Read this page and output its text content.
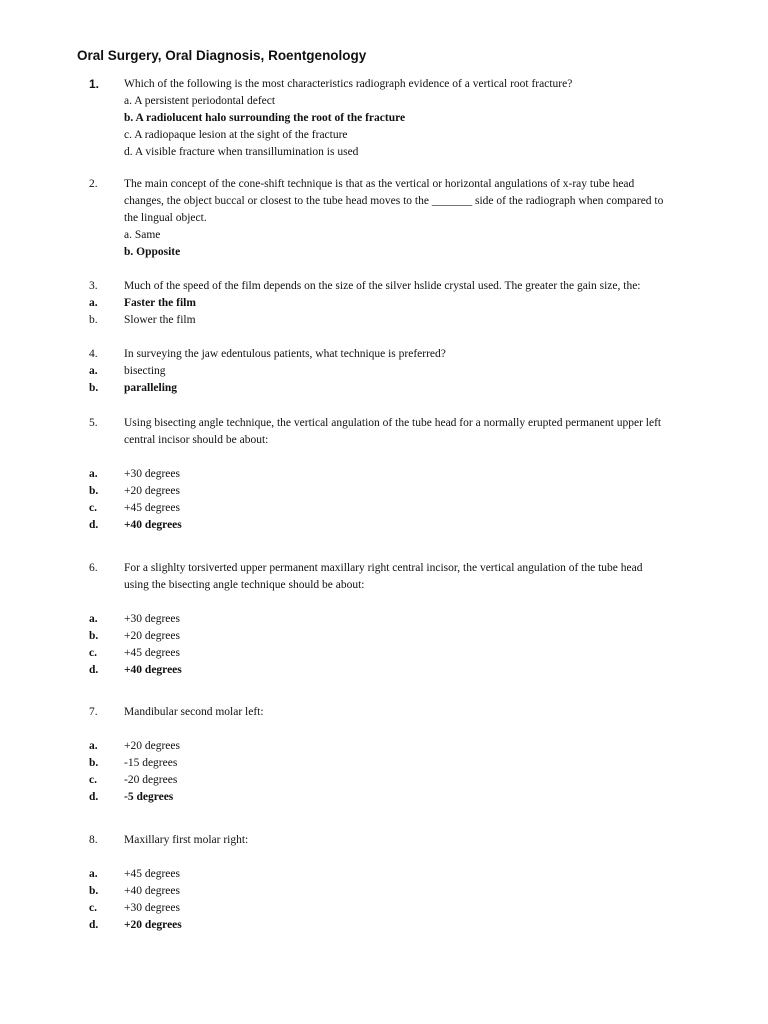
Oral Surgery, Oral Diagnosis, Roentgenology
1. Which of the following is the most characteristics radiograph evidence of a vertical root fracture?
a. A persistent periodontal defect
b. A radiolucent halo surrounding the root of the fracture
c. A radiopaque lesion at the sight of the fracture
d. A visible fracture when transillumination is used
2. The main concept of the cone-shift technique is that as the vertical or horizontal angulations of x-ray tube head
changes, the object buccal or closest to the tube head moves to the _______ side of the radiograph when compared to
the lingual object.
a. Same
b. Opposite
3. Much of the speed of the film depends on the size of the silver hslide crystal used. The greater the gain size, the:
a. Faster the film
b. Slower the film
4. In surveying the jaw edentulous patients, what technique is preferred?
a. bisecting
b. paralleling
5. Using bisecting angle technique, the vertical angulation of the tube head for a normally erupted permanent upper left
central incisor should be about:
a. +30 degrees
b. +20 degrees
c. +45 degrees
d. +40 degrees
6. For a slighlty torsiverted upper permanent maxillary right central incisor, the vertical angulation of the tube head
using the bisecting angle technique should be about:
a. +30 degrees
b. +20 degrees
c. +45 degrees
d. +40 degrees
7. Mandibular second molar left:
a. +20 degrees
b. -15 degrees
c. -20 degrees
d. -5 degrees
8. Maxillary first molar right:
a. +45 degrees
b. +40 degrees
c. +30 degrees
d. +20 degrees
